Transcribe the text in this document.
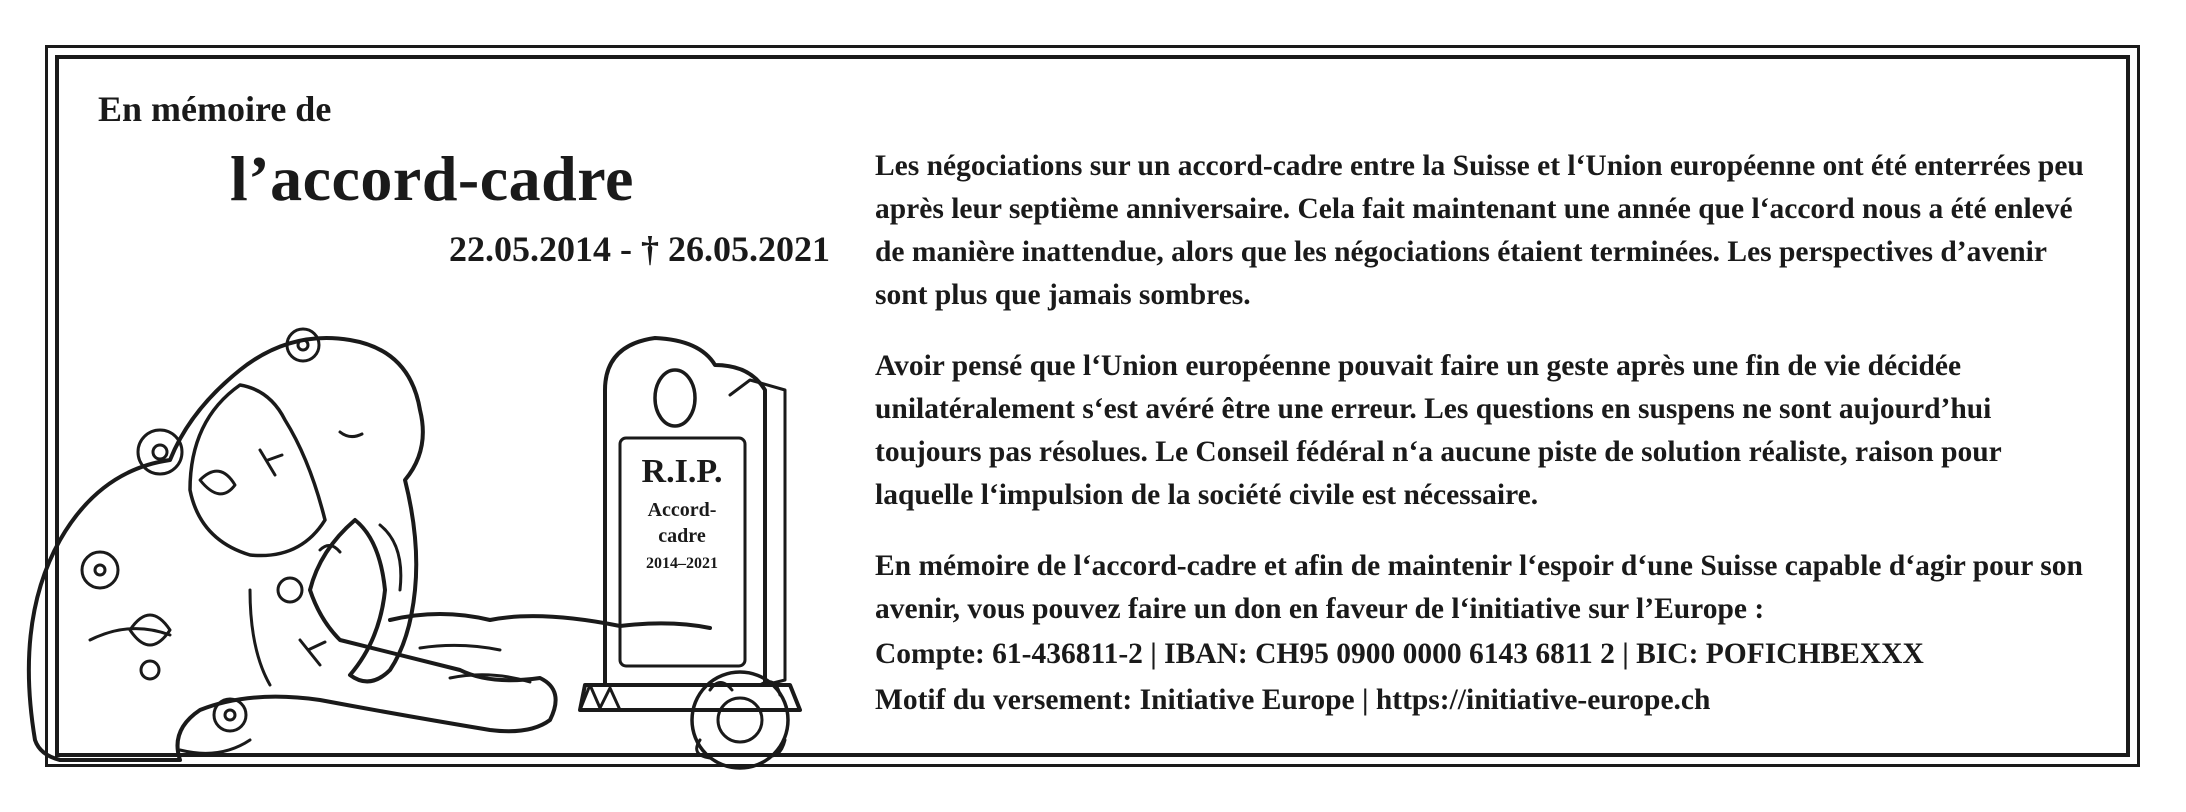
En mémoire de
l’accord-cadre
22.05.2014 - † 26.05.2021
R.I.P.
Accord-
cadre
2014–2021

Les négociations sur un accord-cadre entre la Suisse et l‘Union européenne ont été enterrées peu après leur septième anniversaire. Cela fait maintenant une année que l‘accord nous a été enlevé de manière inattendue, alors que les négociations étaient terminées. Les perspectives d’avenir sont plus que jamais sombres.

Avoir pensé que l‘Union européenne pouvait faire un geste après une fin de vie décidée unilatéralement s‘est avéré être une erreur. Les questions en suspens ne sont aujourd’hui toujours pas résolues. Le Conseil fédéral n‘a aucune piste de solution réaliste, raison pour laquelle l‘impulsion de la société civile est nécessaire.

En mémoire de l‘accord-cadre et afin de maintenir l‘espoir d‘une Suisse capable d‘agir pour son avenir, vous pouvez faire un don en faveur de l‘initiative sur l’Europe :

Compte: 61-436811-2 | IBAN: CH95 0900 0000 6143 6811 2 | BIC: POFICHBEXXX
Motif du versement: Initiative Europe | https://initiative-europe.ch
